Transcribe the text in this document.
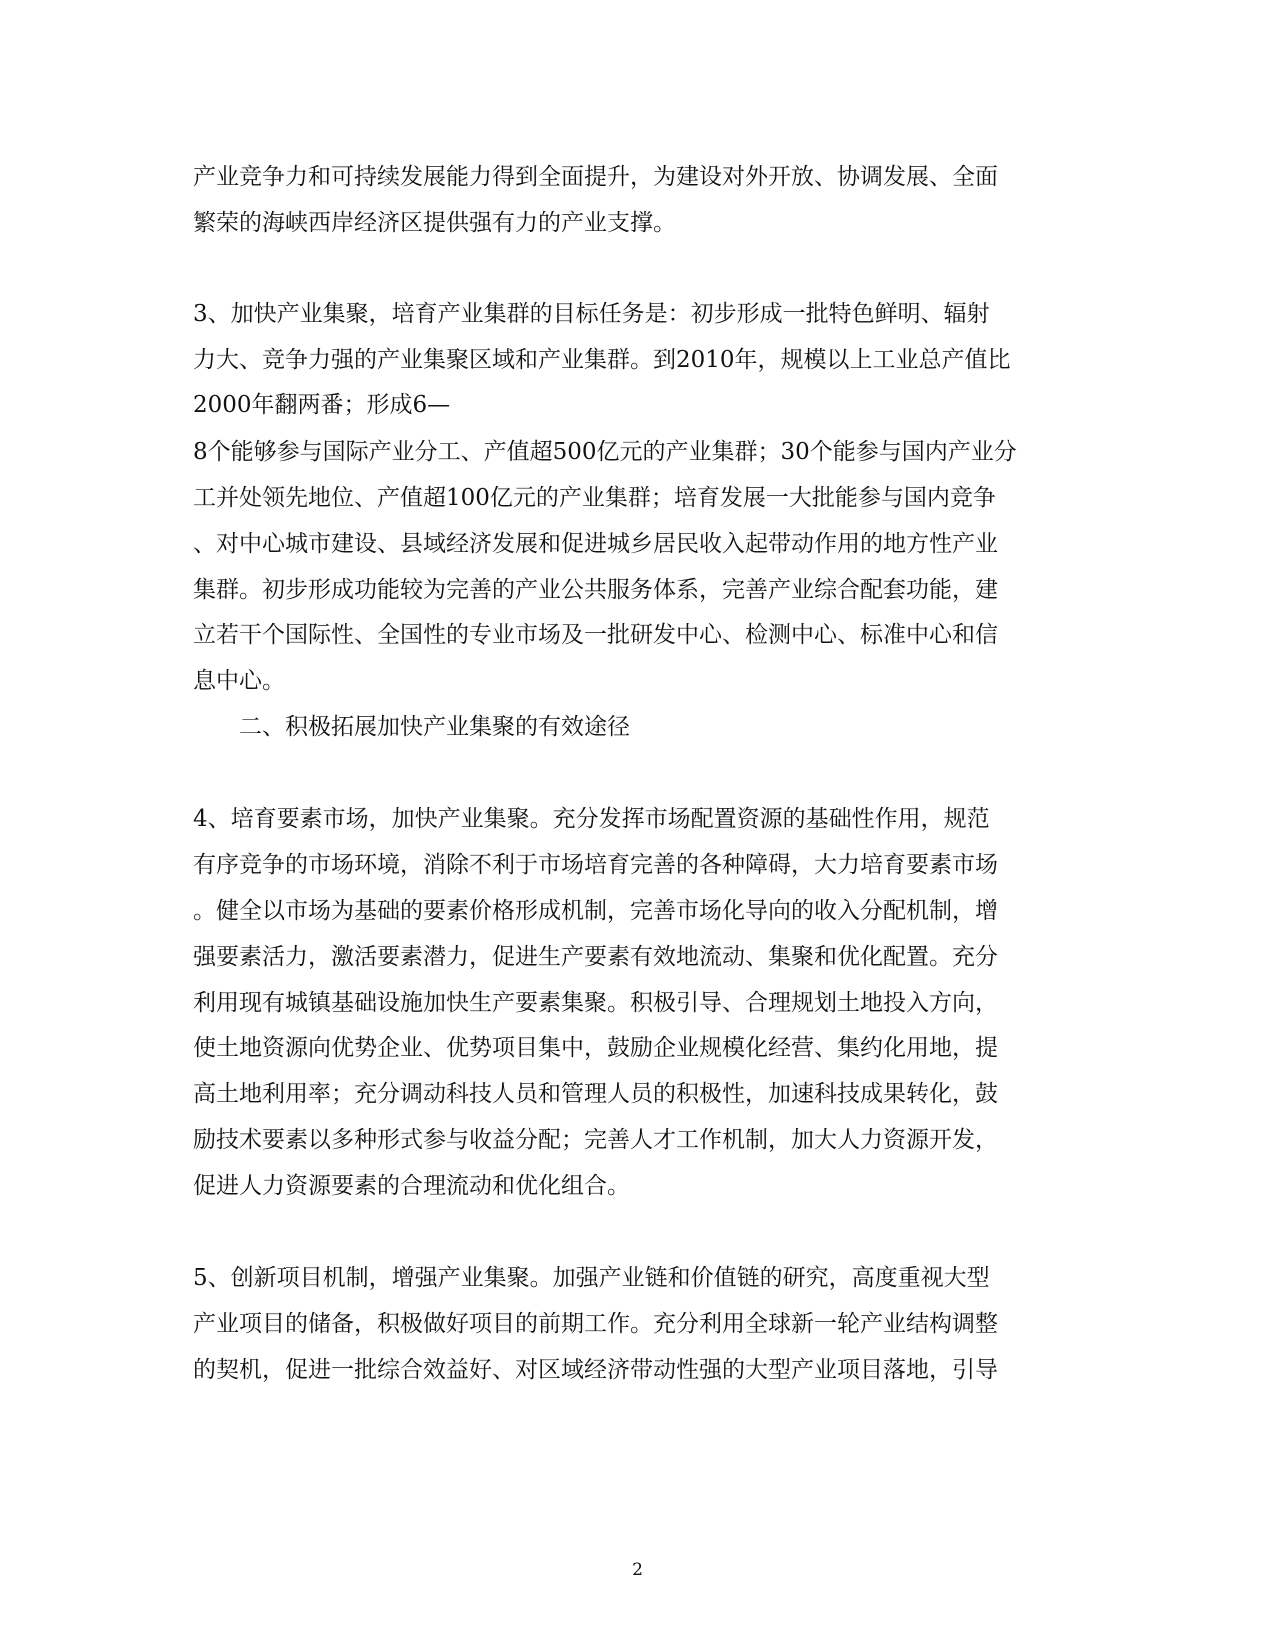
产业竞争力和可持续发展能力得到全面提升，为建设对外开放、协调发展、全面
繁荣的海峡西岸经济区提供强有力的产业支撑。
3、加快产业集聚，培育产业集群的目标任务是：初步形成一批特色鲜明、辐射
力大、竞争力强的产业集聚区域和产业集群。到2010年，规模以上工业总产值比
2000年翻两番；形成6—
8个能够参与国际产业分工、产值超500亿元的产业集群；30个能参与国内产业分
工并处领先地位、产值超100亿元的产业集群；培育发展一大批能参与国内竞争
、对中心城市建设、县域经济发展和促进城乡居民收入起带动作用的地方性产业
集群。初步形成功能较为完善的产业公共服务体系，完善产业综合配套功能，建
立若干个国际性、全国性的专业市场及一批研发中心、检测中心、标准中心和信
息中心。
二、积极拓展加快产业集聚的有效途径
4、培育要素市场，加快产业集聚。充分发挥市场配置资源的基础性作用，规范
有序竞争的市场环境，消除不利于市场培育完善的各种障碍，大力培育要素市场
。健全以市场为基础的要素价格形成机制，完善市场化导向的收入分配机制，增
强要素活力，激活要素潜力，促进生产要素有效地流动、集聚和优化配置。充分
利用现有城镇基础设施加快生产要素集聚。积极引导、合理规划土地投入方向，
使土地资源向优势企业、优势项目集中，鼓励企业规模化经营、集约化用地，提
高土地利用率；充分调动科技人员和管理人员的积极性，加速科技成果转化，鼓
励技术要素以多种形式参与收益分配；完善人才工作机制，加大人力资源开发，
促进人力资源要素的合理流动和优化组合。
5、创新项目机制，增强产业集聚。加强产业链和价值链的研究，高度重视大型
产业项目的储备，积极做好项目的前期工作。充分利用全球新一轮产业结构调整
的契机，促进一批综合效益好、对区域经济带动性强的大型产业项目落地，引导
2
